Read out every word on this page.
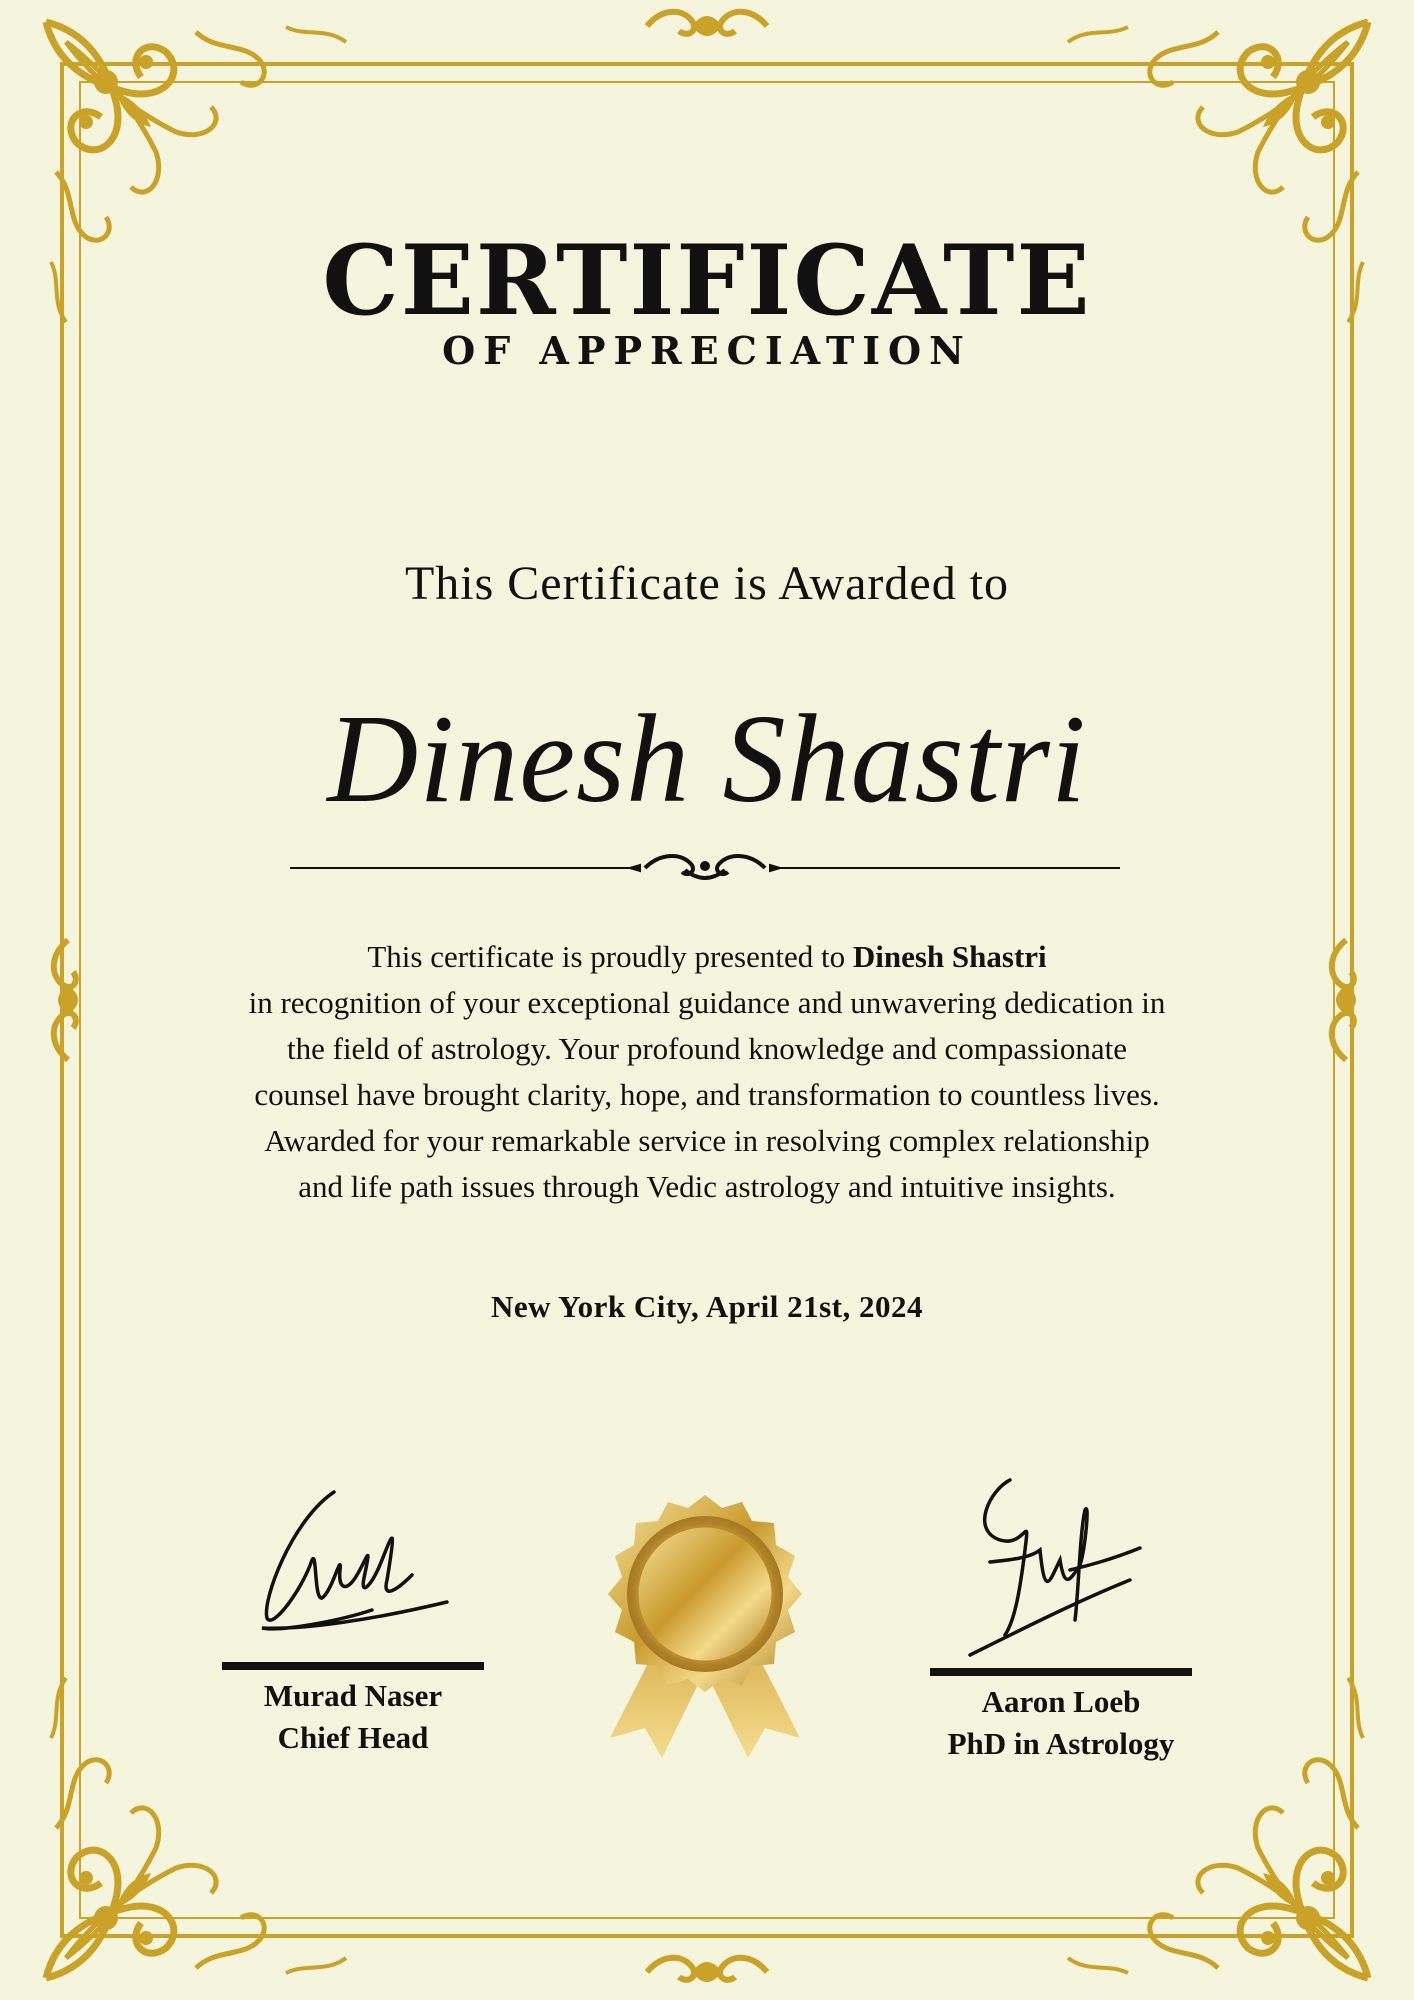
CERTIFICATE
OF APPRECIATION
This Certificate is Awarded to
Dinesh Shastri

This certificate is proudly presented to Dinesh Shastri

in recognition of your exceptional guidance and unwavering dedication in

the field of astrology. Your profound knowledge and compassionate

counsel have brought clarity, hope, and transformation to countless lives.

Awarded for your remarkable service in resolving complex relationship

and life path issues through Vedic astrology and intuitive insights.

New York City, April 21st, 2024
Murad Naser
Chief Head
Aaron Loeb
PhD in Astrology
